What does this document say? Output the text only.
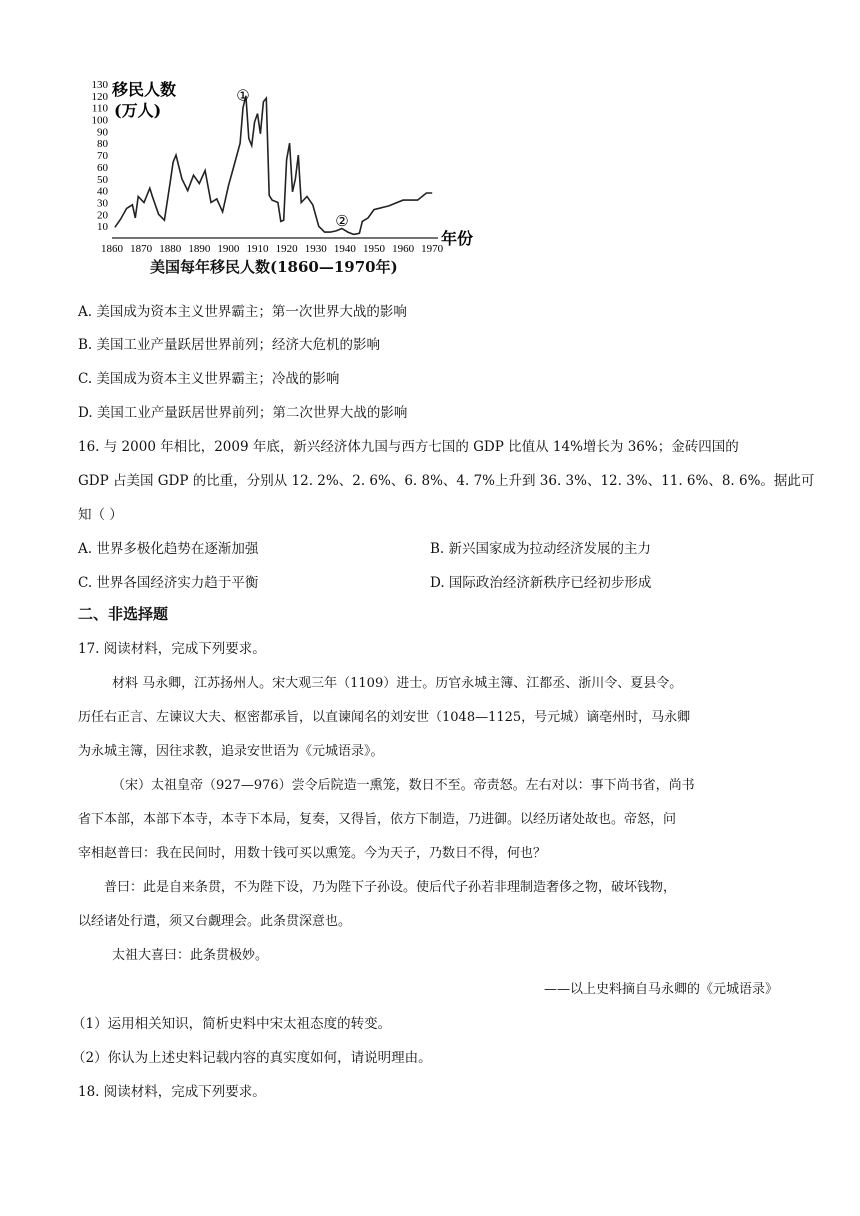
10
20
30
40
50
60
70
80
90
100
110
120
130
1860 1870 1880 1890 1900 1910 1920 1930 1940 1950 1960 1970
移民人数
(万人)
年份
①
②
美国每年移民人数(1860—1970年)
A. 美国成为资本主义世界霸主；第一次世界大战的影响
B. 美国工业产量跃居世界前列；经济大危机的影响
C. 美国成为资本主义世界霸主；冷战的影响
D. 美国工业产量跃居世界前列；第二次世界大战的影响
16. 与 2000 年相比，2009 年底，新兴经济体九国与西方七国的 GDP 比值从 14%增长为 36%；金砖四国的
GDP 占美国 GDP 的比重，分别从 12. 2%、2. 6%、6. 8%、4. 7%上升到 36. 3%、12. 3%、11. 6%、8. 6%。据此可
知（ ）
A. 世界多极化趋势在逐渐加强	B. 新兴国家成为拉动经济发展的主力
C. 世界各国经济实力趋于平衡	D. 国际政治经济新秩序已经初步形成
二、非选择题
17. 阅读材料，完成下列要求。
材料 马永卿，江苏扬州人。宋大观三年（1109）进士。历官永城主簿、江都丞、浙川令、夏县令。
历任右正言、左谏议大夫、枢密都承旨，以直谏闻名的刘安世（1048—1125，号元城）谪亳州时，马永卿
为永城主簿，因往求教，追录安世语为《元城语录》。
（宋）太祖皇帝（927—976）尝令后院造一熏笼，数日不至。帝责怒。左右对以：事下尚书省，尚书
省下本部，本部下本寺，本寺下本局，复奏，又得旨，依方下制造，乃进御。以经历诸处故也。帝怒，问
宰相赵普曰：我在民间时，用数十钱可买以熏笼。今为天子，乃数日不得，何也？
普曰：此是自来条贯，不为陛下设，乃为陛下子孙设。使后代子孙若非理制造奢侈之物，破坏钱物，
以经诸处行遣，须又台觑理会。此条贯深意也。
太祖大喜曰：此条贯极妙。
——以上史料摘自马永卿的《元城语录》
（1）运用相关知识，简析史料中宋太祖态度的转变。
（2）你认为上述史料记载内容的真实度如何，请说明理由。
18. 阅读材料，完成下列要求。
